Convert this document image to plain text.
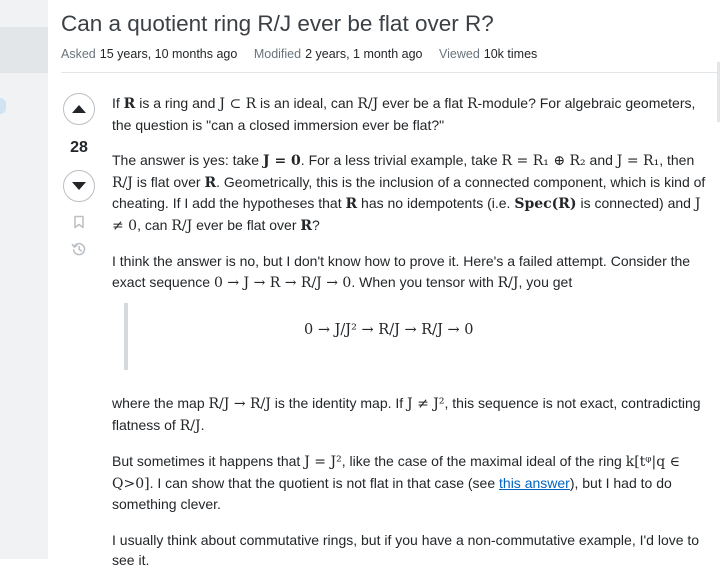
Can a quotient ring R/J ever be flat over R?
Asked 15 years, 10 months ago Modified 2 years, 1 month ago Viewed 10k times
28

If R is a ring and J ⊂ R is an ideal, can R/J ever be a flat R-module? For algebraic geometers, the question is "can a closed immersion ever be flat?"

The answer is yes: take J = 0. For a less trivial example, take R = R₁ ⊕ R₂ and J = R₁, then R/J is flat over R. Geometrically, this is the inclusion of a connected component, which is kind of cheating. If I add the hypotheses that R has no idempotents (i.e. Spec(R) is connected) and J ≠ 0, can R/J ever be flat over R?

I think the answer is no, but I don't know how to prove it. Here's a failed attempt. Consider the exact sequence 0 → J → R → R/J → 0. When you tensor with R/J, you get

where the map R/J → R/J is the identity map. If J ≠ J², this sequence is not exact, contradicting flatness of R/J.

But sometimes it happens that J = J², like the case of the maximal ideal of the ring k[tᵠ|q ∈ Q>0]. I can show that the quotient is not flat in that case (see this answer), but I had to do something clever.

I usually think about commutative rings, but if you have a non-commutative example, I'd love to see it.

0 → J/J² → R/J → R/J → 0
